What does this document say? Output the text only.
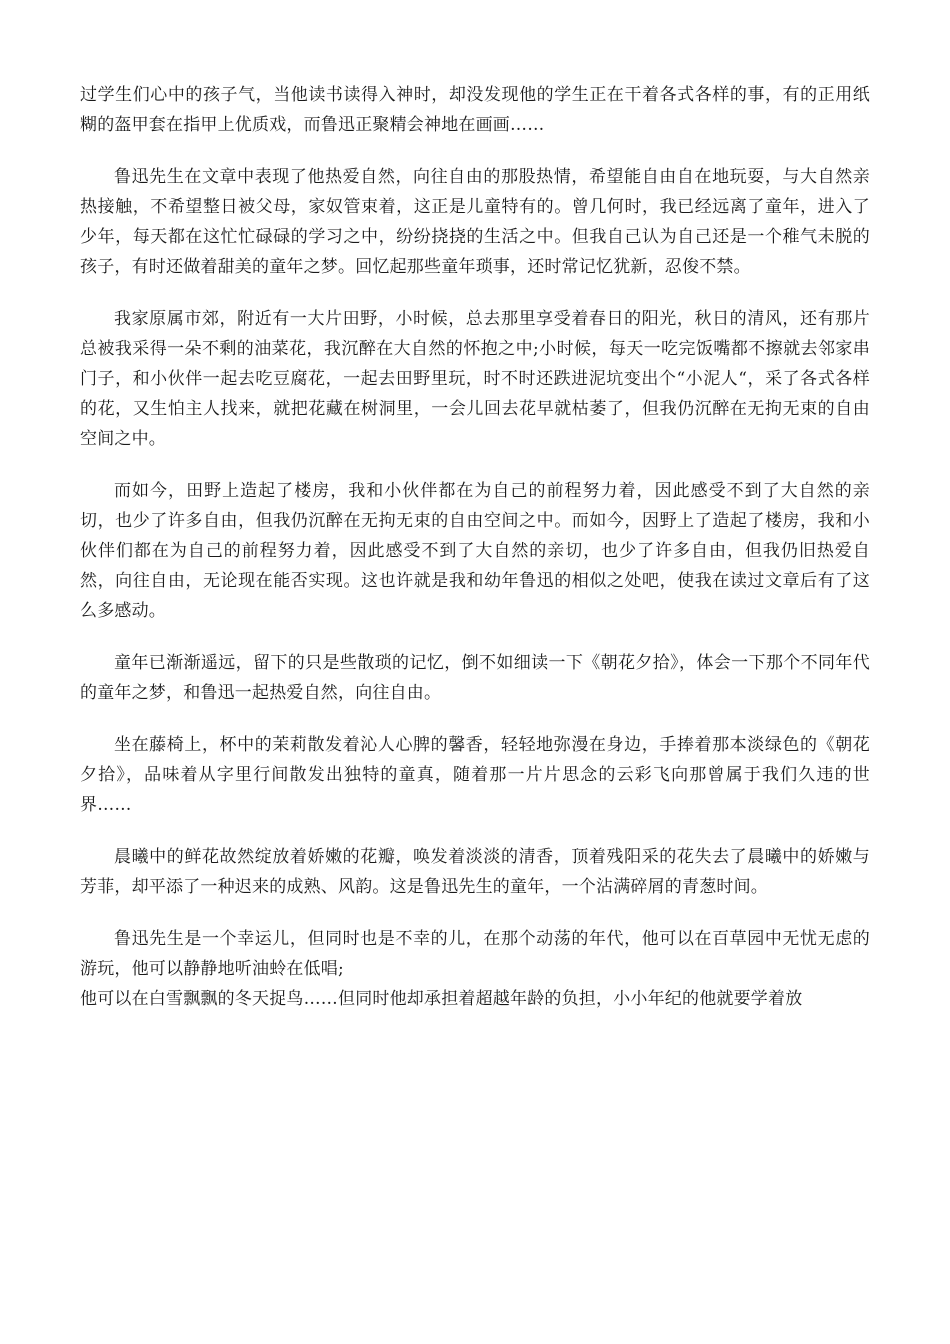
过学生们心中的孩子气，当他读书读得入神时，却没发现他的学生正在干着各式各样的事，有的正用纸糊的盔甲套在指甲上优质戏，而鲁迅正聚精会神地在画画……

鲁迅先生在文章中表现了他热爱自然，向往自由的那股热情，希望能自由自在地玩耍，与大自然亲热接触，不希望整日被父母，家奴管束着，这正是儿童特有的。曾几何时，我已经远离了童年，进入了少年，每天都在这忙忙碌碌的学习之中，纷纷挠挠的生活之中。但我自己认为自己还是一个稚气未脱的孩子，有时还做着甜美的童年之梦。回忆起那些童年琐事，还时常记忆犹新，忍俊不禁。

我家原属市郊，附近有一大片田野，小时候，总去那里享受着春日的阳光，秋日的清风，还有那片总被我采得一朵不剩的油菜花，我沉醉在大自然的怀抱之中;小时候，每天一吃完饭嘴都不擦就去邻家串门子，和小伙伴一起去吃豆腐花，一起去田野里玩，时不时还跌进泥坑变出个“小泥人“，采了各式各样的花，又生怕主人找来，就把花藏在树洞里，一会儿回去花早就枯萎了，但我仍沉醉在无拘无束的自由空间之中。

而如今，田野上造起了楼房，我和小伙伴都在为自己的前程努力着，因此感受不到了大自然的亲切，也少了许多自由，但我仍沉醉在无拘无束的自由空间之中。而如今，因野上了造起了楼房，我和小伙伴们都在为自己的前程努力着，因此感受不到了大自然的亲切，也少了许多自由，但我仍旧热爱自然，向往自由，无论现在能否实现。这也许就是我和幼年鲁迅的相似之处吧，使我在读过文章后有了这么多感动。

童年已渐渐遥远，留下的只是些散琐的记忆，倒不如细读一下《朝花夕拾》，体会一下那个不同年代的童年之梦，和鲁迅一起热爱自然，向往自由。

坐在藤椅上，杯中的茉莉散发着沁人心脾的馨香，轻轻地弥漫在身边，手捧着那本淡绿色的《朝花夕拾》，品味着从字里行间散发出独特的童真，随着那一片片思念的云彩飞向那曾属于我们久违的世界……

晨曦中的鲜花故然绽放着娇嫩的花瓣，唤发着淡淡的清香，顶着残阳采的花失去了晨曦中的娇嫩与芳菲，却平添了一种迟来的成熟、风韵。这是鲁迅先生的童年，一个沾满碎屑的青葱时间。

鲁迅先生是一个幸运儿，但同时也是不幸的儿，在那个动荡的年代，他可以在百草园中无忧无虑的游玩，他可以静静地听油蛉在低唱;

他可以在白雪飘飘的冬天捉鸟……但同时他却承担着超越年龄的负担，小小年纪的他就要学着放
